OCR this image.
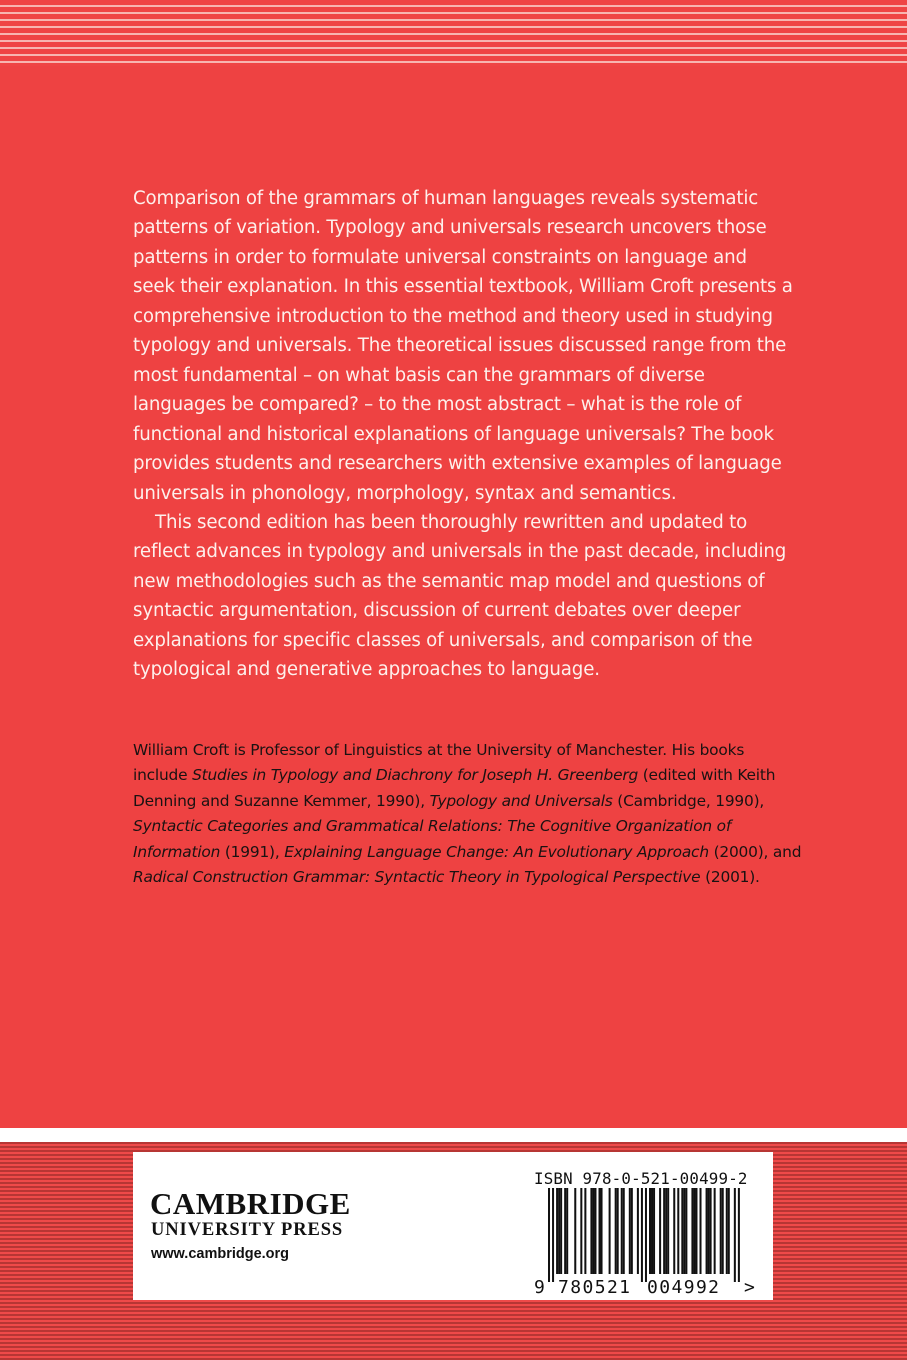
Comparison of the grammars of human languages reveals systematic patterns of variation. Typology and universals research uncovers those patterns in order to formulate universal constraints on language and seek their explanation. In this essential textbook, William Croft presents a comprehensive introduction to the method and theory used in studying typology and universals. The theoretical issues discussed range from the most fundamental – on what basis can the grammars of diverse languages be compared? – to the most abstract – what is the role of functional and historical explanations of language universals? The book provides students and researchers with extensive examples of language universals in phonology, morphology, syntax and semantics.

This second edition has been thoroughly rewritten and updated to reflect advances in typology and universals in the past decade, including new methodologies such as the semantic map model and questions of syntactic argumentation, discussion of current debates over deeper explanations for specific classes of universals, and comparison of the typological and generative approaches to language.

William Croft is Professor of Linguistics at the University of Manchester. His books include Studies in Typology and Diachrony for Joseph H. Greenberg (edited with Keith Denning and Suzanne Kemmer, 1990), Typology and Universals (Cambridge, 1990), Syntactic Categories and Grammatical Relations: The Cognitive Organization of Information (1991), Explaining Language Change: An Evolutionary Approach (2000), and Radical Construction Grammar: Syntactic Theory in Typological Perspective (2001).

CAMBRIDGE
UNIVERSITY PRESS
www.cambridge.org
ISBN 978-0-521-00499-2
9 780521 004992 >
